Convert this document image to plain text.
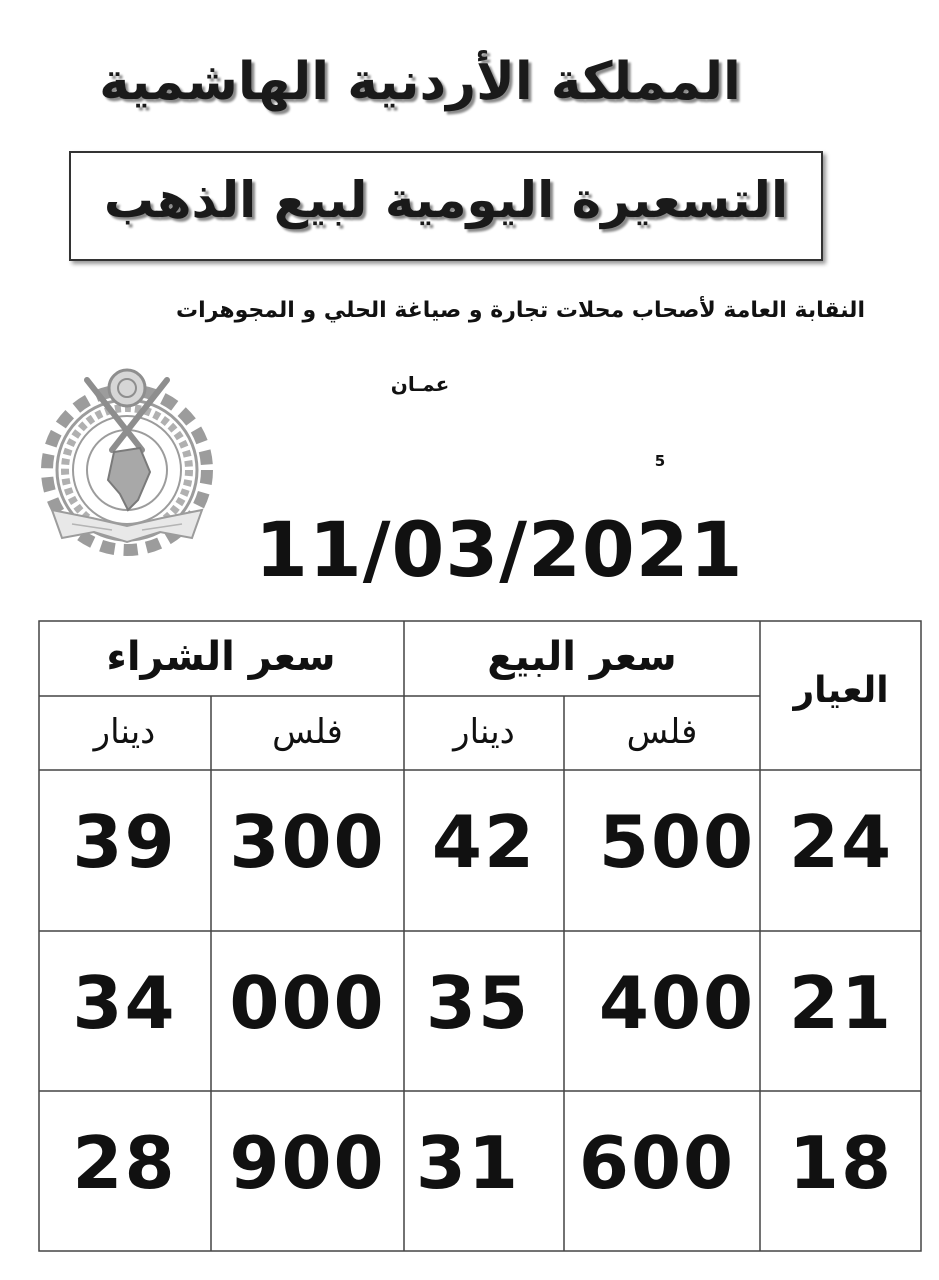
المملكة الأردنية الهاشمية
التسعيرة اليومية لبيع الذهب
النقابة العامة لأصحاب محلات تجارة و صياغة الحلي و المجوهرات
عمـان
5
11/03/2021
العيار
سعر البيع
سعر الشراء
فلس
دينار
فلس
دينار
24
500
42
300
39
21
400
35
000
34
18
600
31
900
28
